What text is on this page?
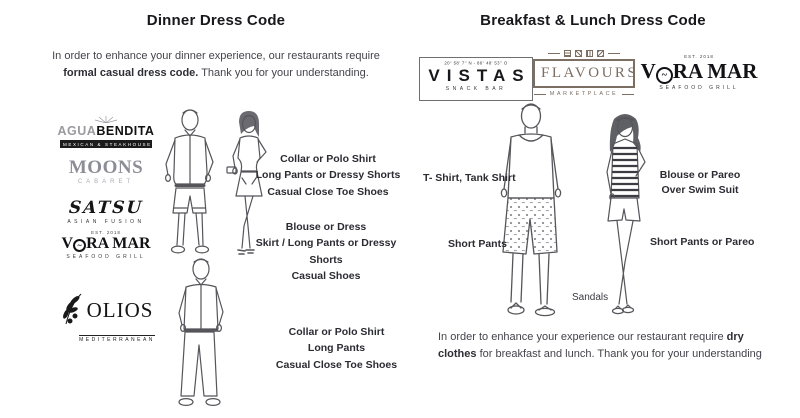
Dinner Dress Code
In order to enhance your dinner experience, our restaurants require
formal casual dress code. Thank you for your understanding.
AGUABENDITA
MEXICAN & STEAKHOUSE
MOONS
CABARET
SATSU
ASIAN FUSION
EST. 2018
V ~ RA MAR
SEAFOOD GRILL
OLIOS
MEDITERRANEAN
Collar or Polo Shirt
Long Pants or Dressy Shorts
Casual Close Toe Shoes
Blouse or Dress
Skirt / Long Pants or Dressy Shorts
Casual Shoes
Collar or Polo Shirt
Long Pants
Casual Close Toe Shoes
Breakfast & Lunch Dress Code
20° 58' 7'' N - 86° 48' 53'' O
VISTAS
SNACK BAR
FLAVOURS
MARKETPLACE
EST. 2018
V ~ RA MAR
SEAFOOD GRILL
T- Shirt, Tank Shirt
Short Pants
Blouse or Pareo
Over Swim Suit
Short Pants or Pareo
Sandals
In order to enhance your experience our restaurant require dry
clothes for breakfast and lunch. Thank you for your understanding
